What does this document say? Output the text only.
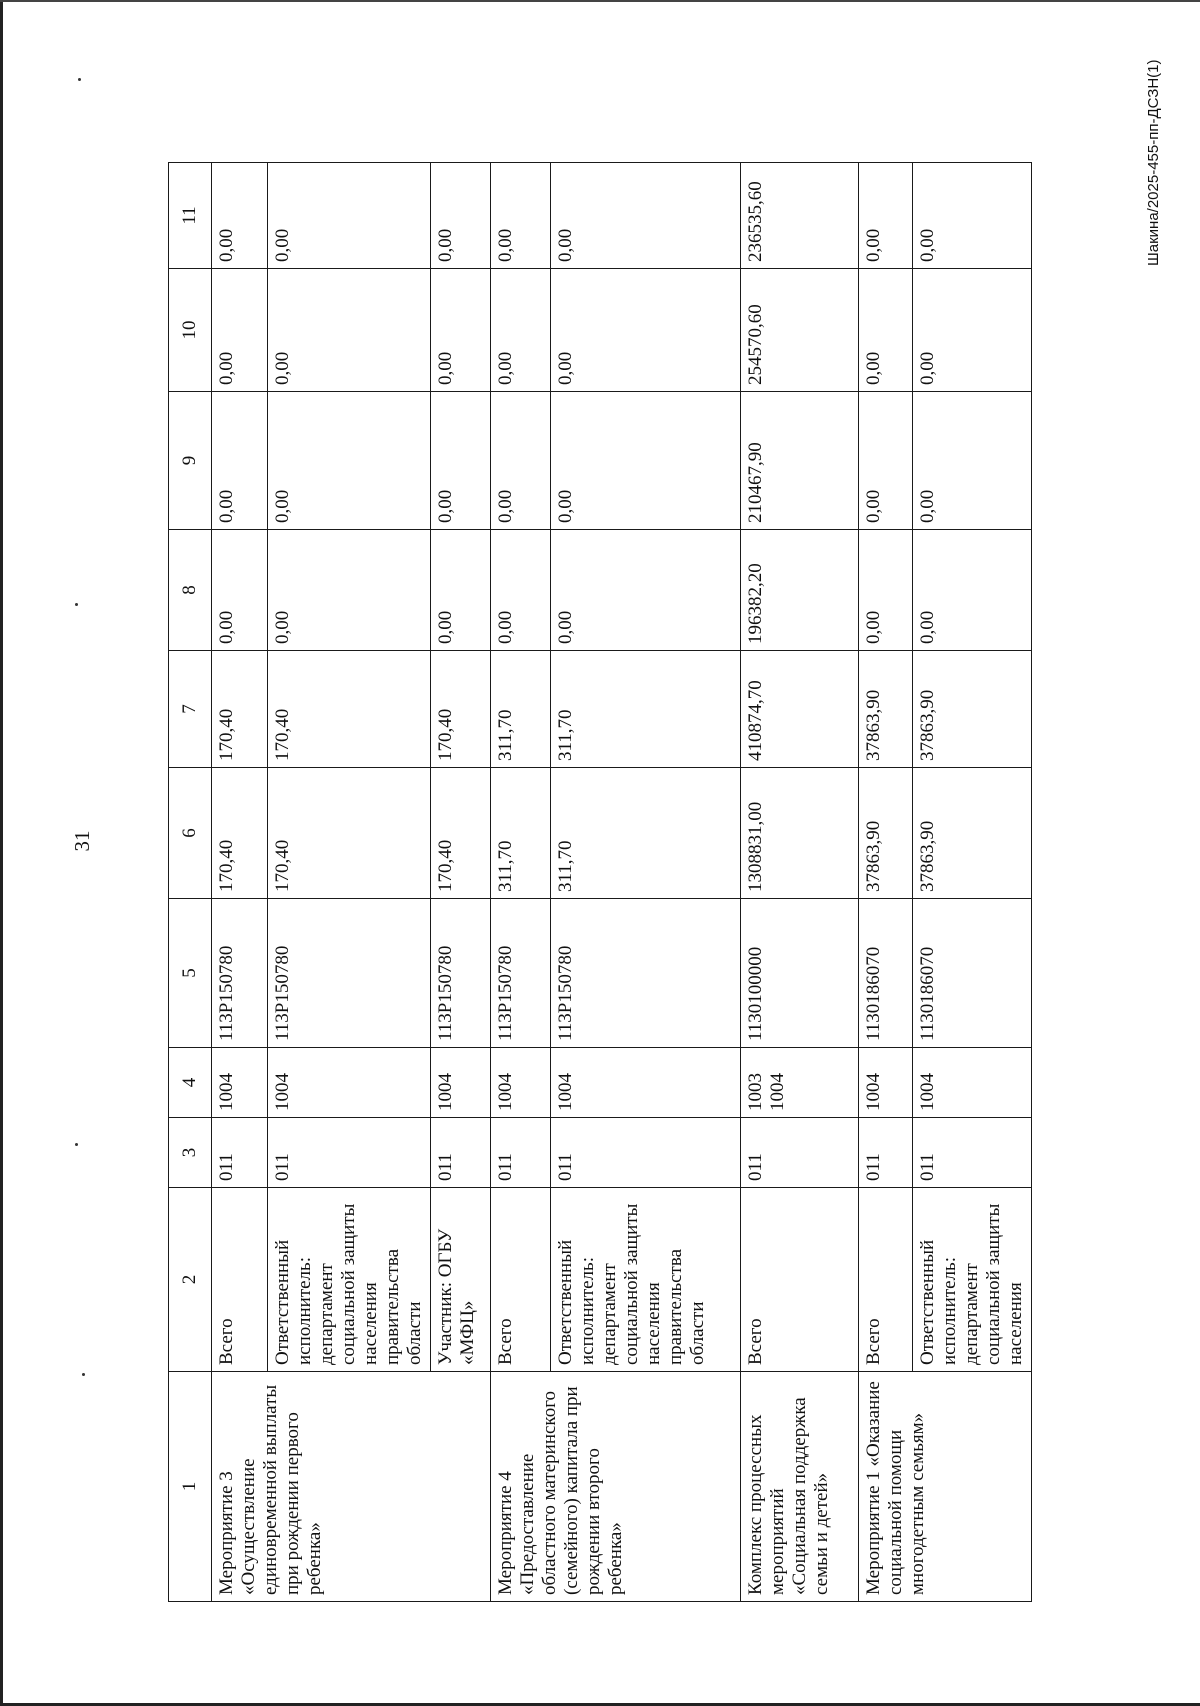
31
Шакина/2025-455-пп-ДСЗН(1)
1	2	3	4	5	6	7	8	9	10	11
Мероприятие 3 «Осуществление единовременной выплаты при рождении первого ребенка»	Всего	011	1004	113Р150780	170,40	170,40	0,00	0,00	0,00	0,00
	Ответственный исполнитель: департамент социальной защиты населения правительства области	011	1004	113Р150780	170,40	170,40	0,00	0,00	0,00	0,00
	Участник: ОГБУ «МФЦ»	011	1004	113Р150780	170,40	170,40	0,00	0,00	0,00	0,00
Мероприятие 4 «Предоставление областного материнского (семейного) капитала при рождении второго ребенка»	Всего	011	1004	113Р150780	311,70	311,70	0,00	0,00	0,00	0,00
	Ответственный исполнитель: департамент социальной защиты населения правительства области	011	1004	113Р150780	311,70	311,70	0,00	0,00	0,00	0,00
Комплекс процессных мероприятий «Социальная поддержка семьи и детей»	Всего	011	1003 1004	1130100000	1308831,00	410874,70	196382,20	210467,90	254570,60	236535,60
Мероприятие 1 «Оказание социальной помощи многодетным семьям»	Всего	011	1004	1130186070	37863,90	37863,90	0,00	0,00	0,00	0,00
	Ответственный исполнитель: департамент социальной защиты населения	011	1004	1130186070	37863,90	37863,90	0,00	0,00	0,00	0,00
